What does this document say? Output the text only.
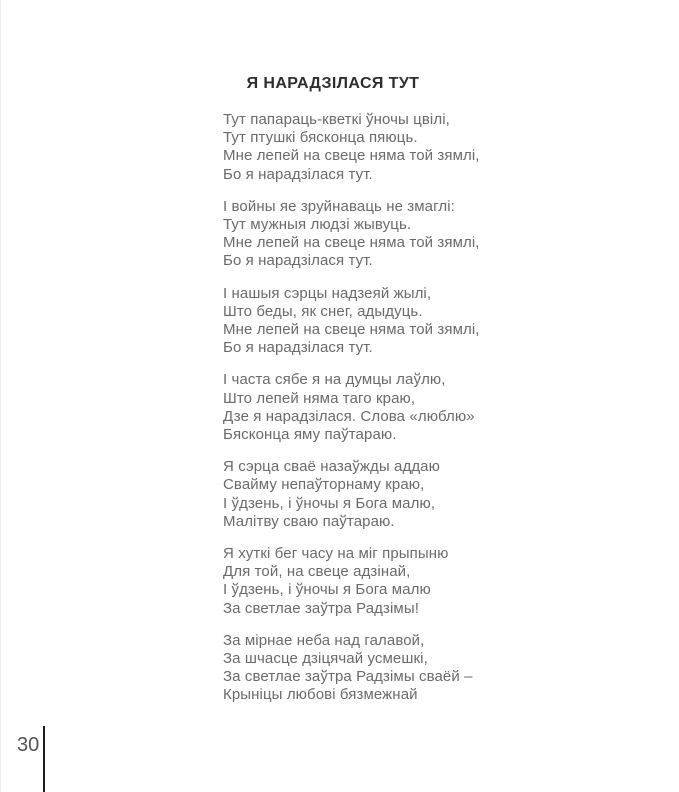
Я НАРАДЗІЛАСЯ ТУТ
Тут папараць-кветкі ўночы цвілі,
Тут птушкі бясконца пяюць.
Мне лепей на свеце няма той зямлі,
Бо я нарадзілася тут.
І войны яе зруйнаваць не змаглі:
Тут мужныя людзі жывуць.
Мне лепей на свеце няма той зямлі,
Бо я нарадзілася тут.
І нашыя сэрцы надзеяй жылі,
Што беды, як снег, адыдуць.
Мне лепей на свеце няма той зямлі,
Бо я нарадзілася тут.
І часта сябе я на думцы лаўлю,
Што лепей няма таго краю,
Дзе я нарадзілася. Слова «люблю»
Бясконца яму паўтараю.
Я сэрца сваё назаўжды аддаю
Свайму непаўторнаму краю,
І ўдзень, і ўночы я Бога малю,
Малітву сваю паўтараю.
Я хуткі бег часу на міг прыпыню
Для той, на свеце адзінай,
І ўдзень, і ўночы я Бога малю
За светлае заўтра Радзімы!
За мірнае неба над галавой,
За шчасце дзіцячай усмешкі,
За светлае заўтра Радзімы сваёй –
Крыніцы любові бязмежнай
30
